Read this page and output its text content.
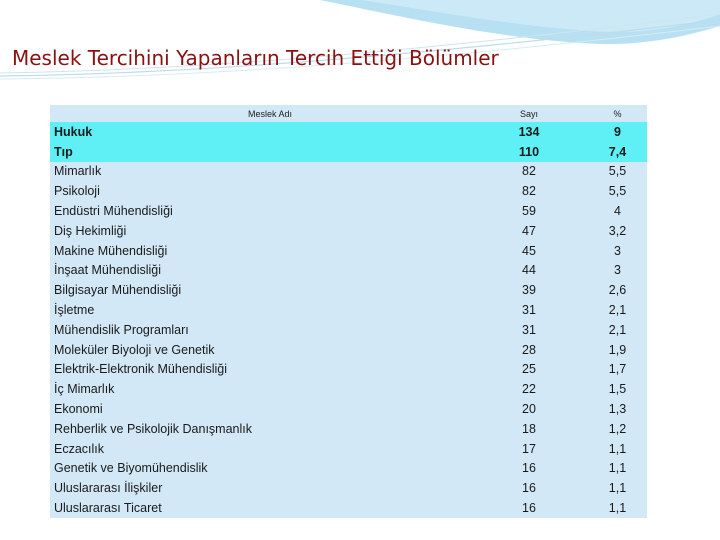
Meslek Tercihini Yapanların Tercih Ettiği Bölümler
Meslek Adı	Sayı	%
Hukuk	134	9
Tıp	110	7,4
Mimarlık	82	5,5
Psikoloji	82	5,5
Endüstri Mühendisliği	59	4
Diş Hekimliği	47	3,2
Makine Mühendisliği	45	3
İnşaat Mühendisliği	44	3
Bilgisayar Mühendisliği	39	2,6
İşletme	31	2,1
Mühendislik Programları	31	2,1
Moleküler Biyoloji ve Genetik	28	1,9
Elektrik-Elektronik Mühendisliği	25	1,7
İç Mimarlık	22	1,5
Ekonomi	20	1,3
Rehberlik ve Psikolojik Danışmanlık	18	1,2
Eczacılık	17	1,1
Genetik ve Biyomühendislik	16	1,1
Uluslararası İlişkiler	16	1,1
Uluslararası Ticaret	16	1,1
